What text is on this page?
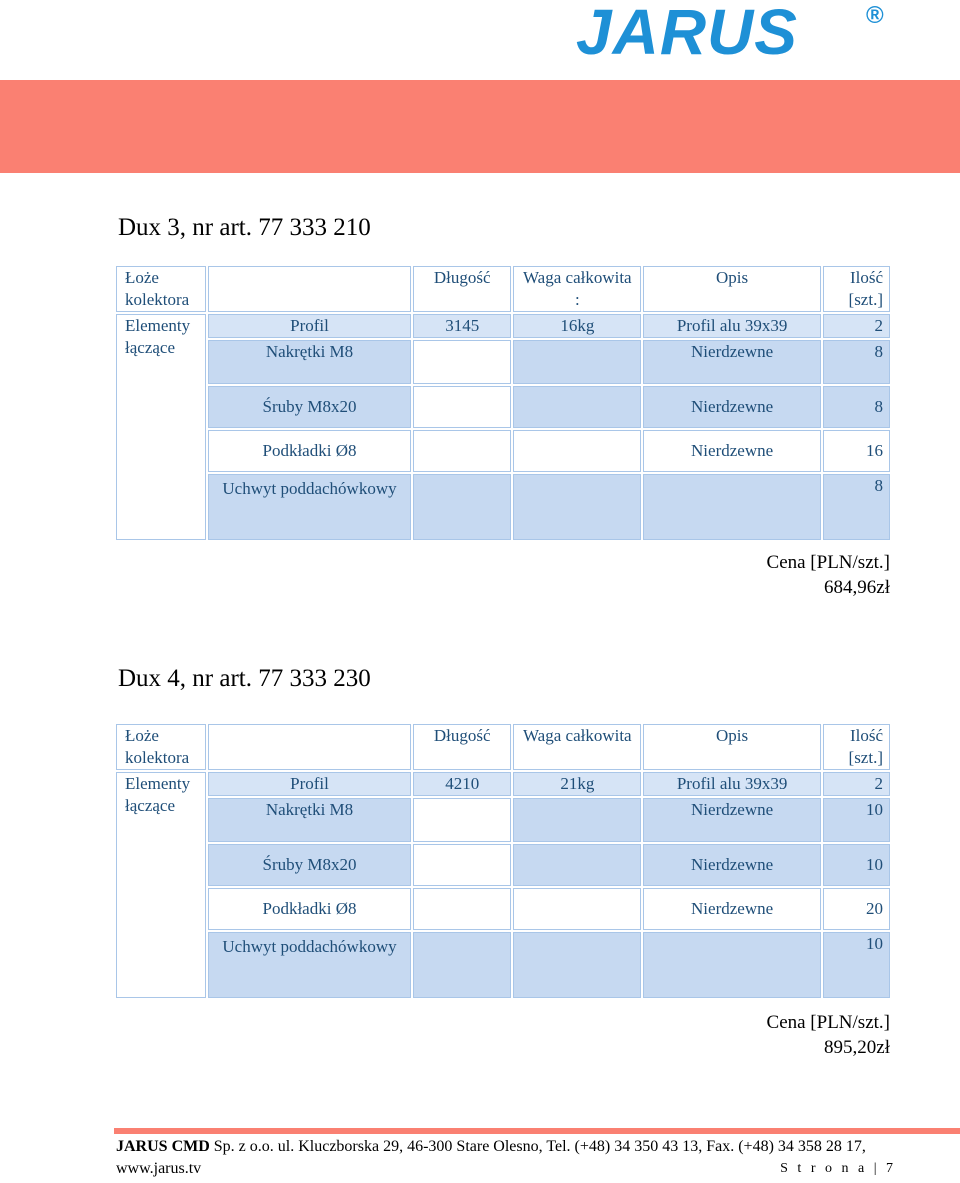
JARUS	®
Dux 3, nr art. 77 333 210
Łoże kolektora		Długość	Waga całkowita :	Opis	Ilość [szt.]
Elementy łączące	Profil	3145	16kg	Profil alu 39x39	2
	Nakrętki M8			Nierdzewne	8
	Śruby M8x20			Nierdzewne	8
	Podkładki Ø8			Nierdzewne	16
	Uchwyt poddachówkowy				8
Cena [PLN/szt.]
684,96zł
Dux 4, nr art. 77 333 230
Łoże kolektora		Długość	Waga całkowita	Opis	Ilość [szt.]
Elementy łączące	Profil	4210	21kg	Profil alu 39x39	2
	Nakrętki M8			Nierdzewne	10
	Śruby M8x20			Nierdzewne	10
	Podkładki Ø8			Nierdzewne	20
	Uchwyt poddachówkowy				10
Cena [PLN/szt.]
895,20zł
JARUS CMD Sp. z o.o. ul. Kluczborska 29, 46-300 Stare Olesno, Tel. (+48) 34 350 43 13, Fax. (+48) 34 358 28 17,
www.jarus.tv	S t r o n a | 7
